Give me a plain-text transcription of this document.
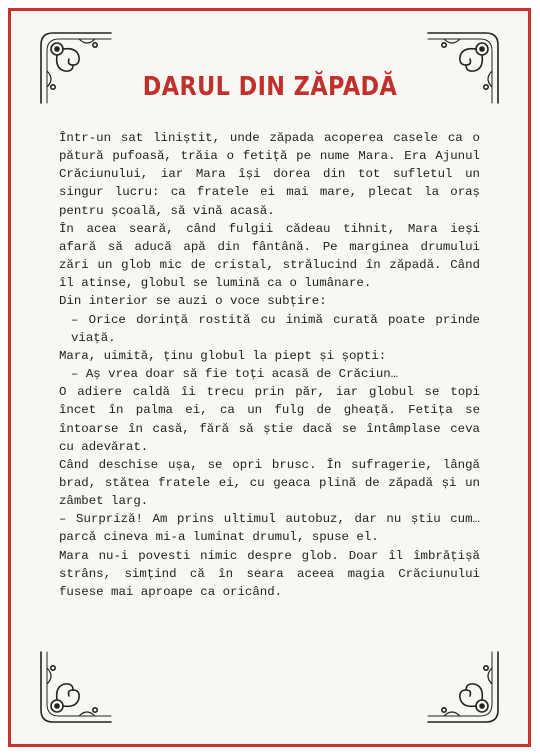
DARUL DIN ZĂPADĂ

Într-un sat liniștit, unde zăpada acoperea casele ca o pătură pufoasă, trăia o fetiță pe nume Mara. Era Ajunul Crăciunului, iar Mara își dorea din tot sufletul un singur lucru: ca fratele ei mai mare, plecat la oraș pentru școală, să vină acasă.

În acea seară, când fulgii cădeau tihnit, Mara ieși afară să aducă apă din fântână. Pe marginea drumului zări un glob mic de cristal, strălucind în zăpadă. Când îl atinse, globul se lumină ca o lumânare.

Din interior se auzi o voce subțire:

– Orice dorință rostită cu inimă curată poate prinde viață.

Mara, uimită, ținu globul la piept și șopti:

– Aș vrea doar să fie toți acasă de Crăciun…

O adiere caldă îi trecu prin păr, iar globul se topi încet în palma ei, ca un fulg de gheață. Fetița se întoarse în casă, fără să știe dacă se întâmplase ceva cu adevărat.

Când deschise ușa, se opri brusc. În sufragerie, lângă brad, stătea fratele ei, cu geaca plină de zăpadă și un zâmbet larg.

– Surpriză! Am prins ultimul autobuz, dar nu știu cum… parcă cineva mi-a luminat drumul, spuse el.

Mara nu-i povesti nimic despre glob. Doar îl îmbrățișă strâns, simțind că în seara aceea magia Crăciunului fusese mai aproape ca oricând.
